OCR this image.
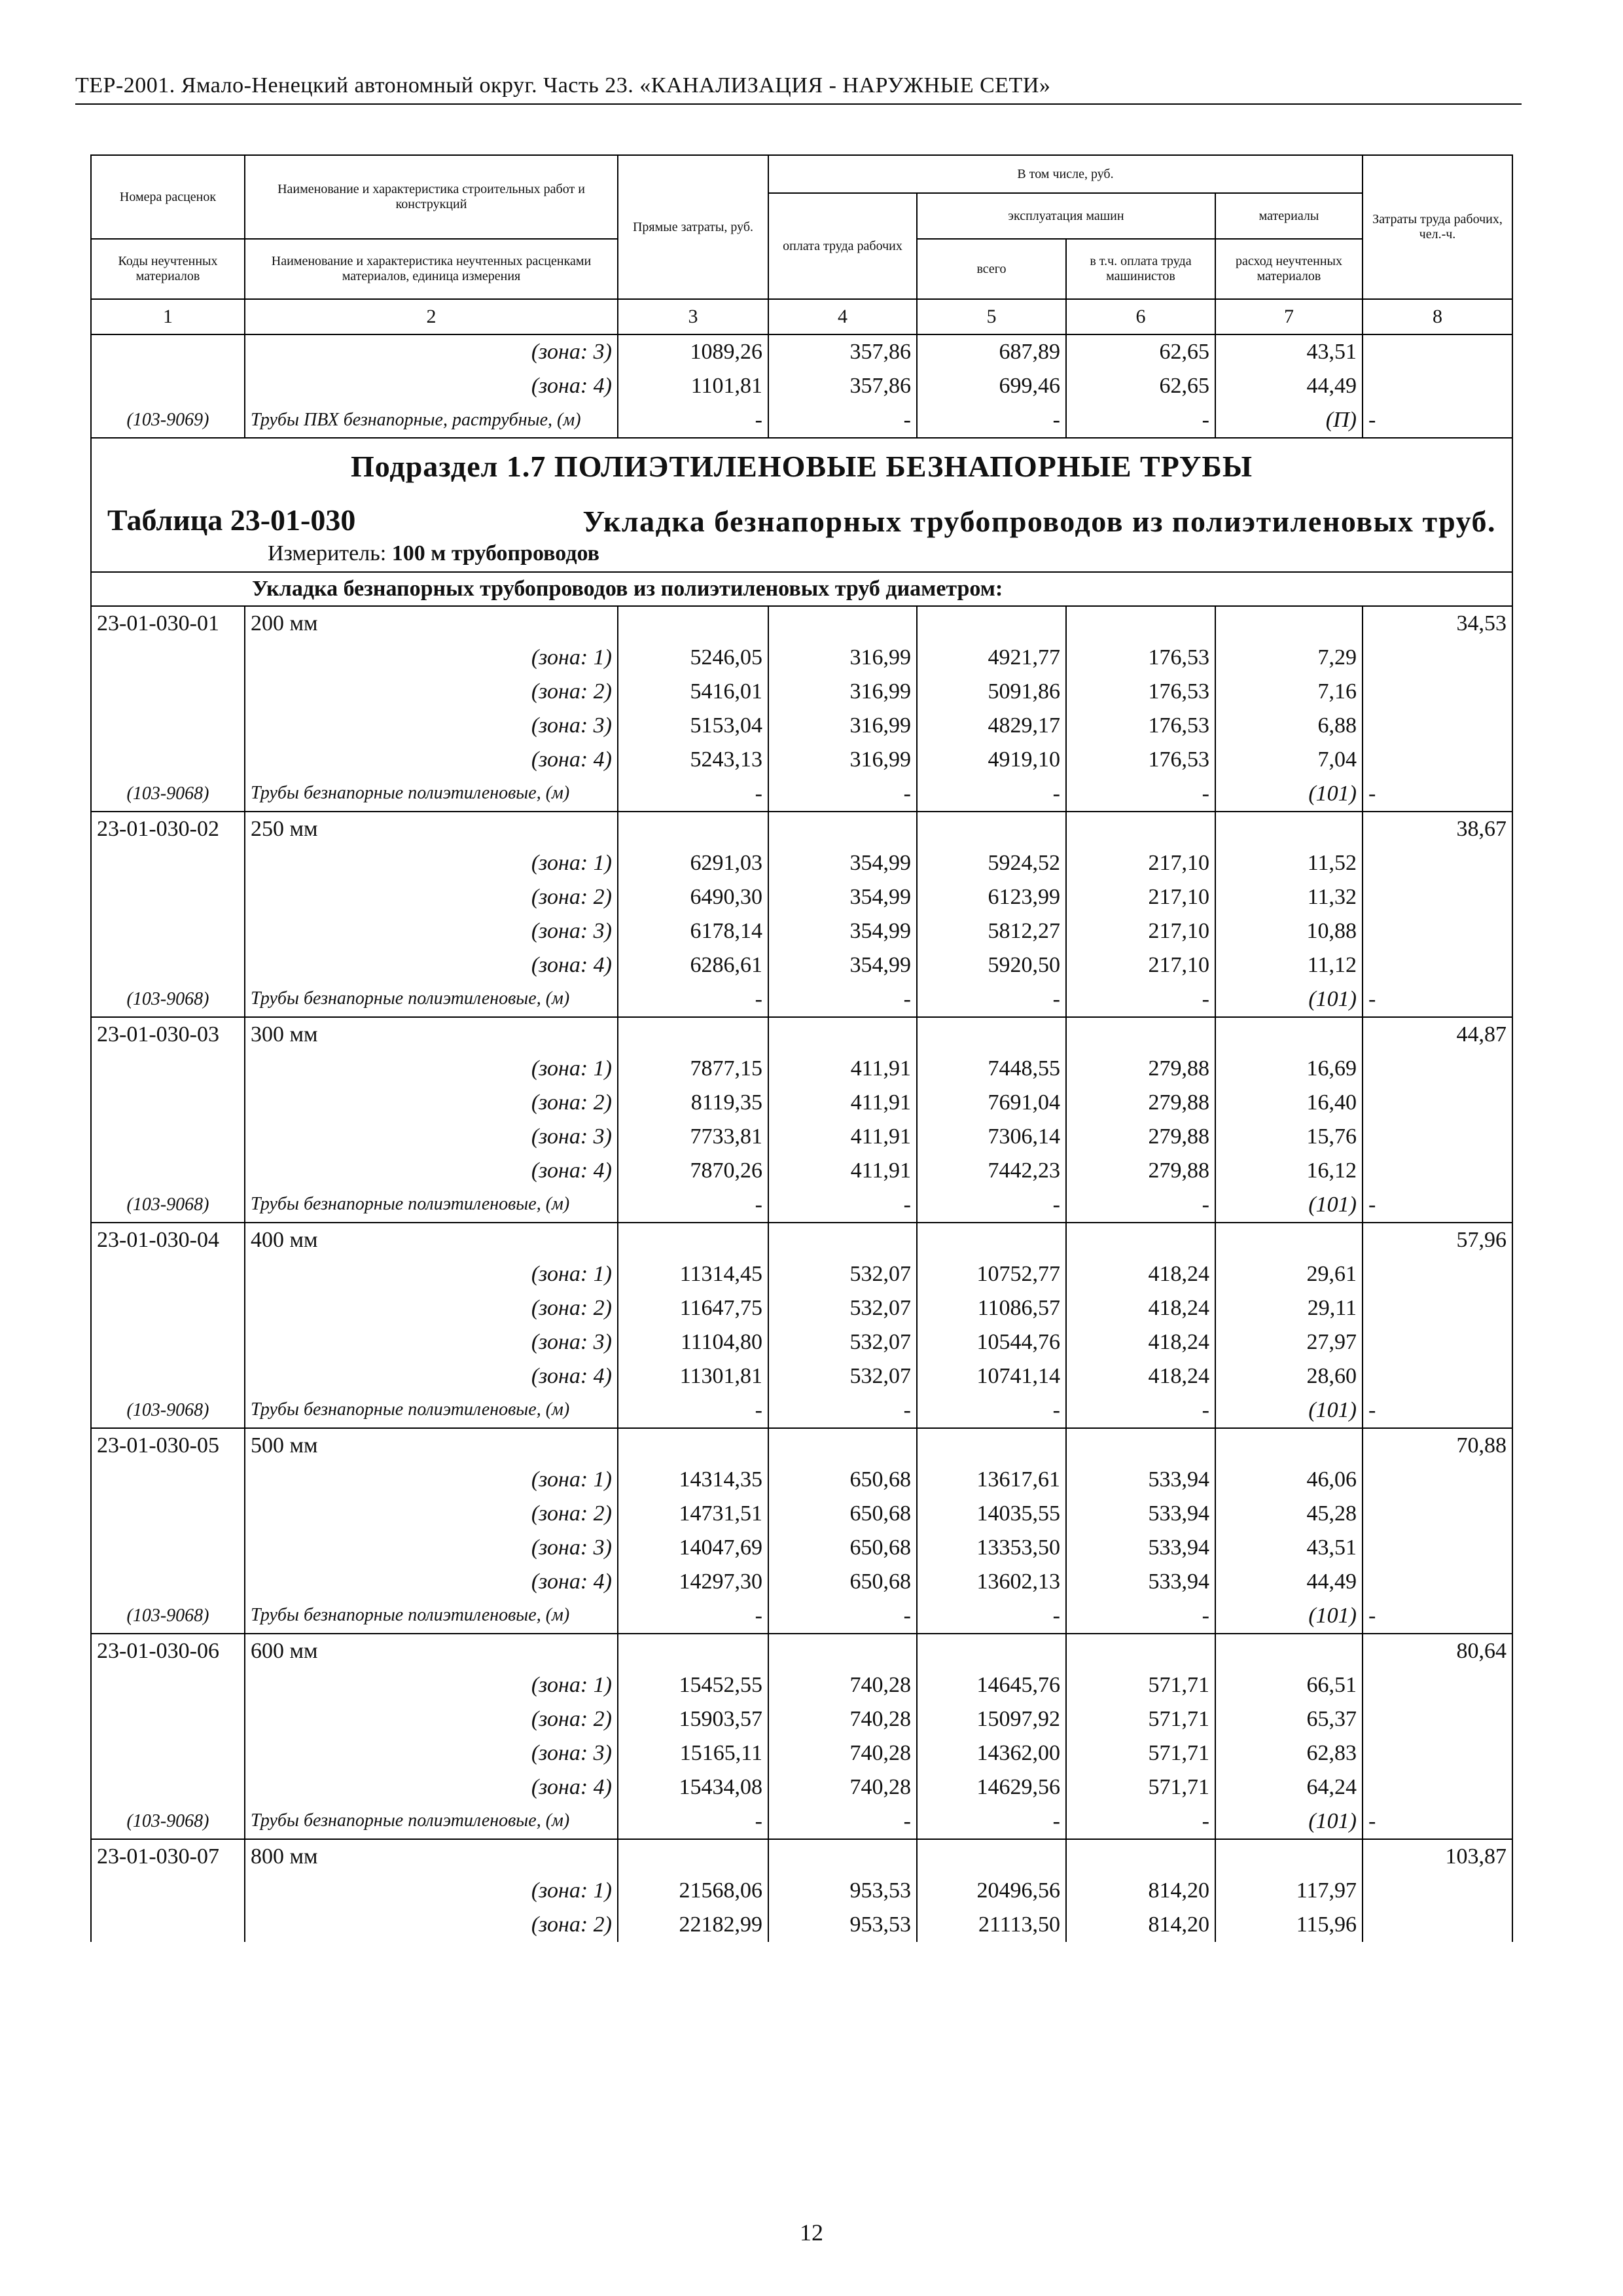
ТЕР-2001. Ямало-Ненецкий автономный округ. Часть 23. «КАНАЛИЗАЦИЯ - НАРУЖНЫЕ СЕТИ»
Номера расценок	Наименование и характеристика строительных работ и конструкций	Прямые затраты, руб.	В том числе, руб.				Затраты труда рабочих, чел.-ч.
			оплата труда рабочих	эксплуатация машин		материалы	
Коды неучтенных материалов	Наименование и характеристика неучтенных расценками материалов, единица измерения			всего	в т.ч. оплата труда машинистов	расход неучтенных материалов	
1	2	3	4	5	6	7	8
	(зона: 3)	1089,26	357,86	687,89	62,65	43,51	
	(зона: 4)	1101,81	357,86	699,46	62,65	44,49	
(103-9069)	Трубы ПВХ безнапорные, раструбные, (м)	-	-	-	-	(П)	-

Подраздел 1.7 ПОЛИЭТИЛЕНОВЫЕ БЕЗНАПОРНЫЕ ТРУБЫ
Таблица 23-01-030 Укладка безнапорных трубопроводов из полиэтиленовых труб.
Измеритель: 100 м трубопроводов							

Укладка безнапорных трубопроводов из полиэтиленовых труб диаметром:							
23-01-030-01	200 мм						34,53
	(зона: 1)	5246,05	316,99	4921,77	176,53	7,29	
	(зона: 2)	5416,01	316,99	5091,86	176,53	7,16	
	(зона: 3)	5153,04	316,99	4829,17	176,53	6,88	
	(зона: 4)	5243,13	316,99	4919,10	176,53	7,04	
(103-9068)	Трубы безнапорные полиэтиленовые, (м)	-	-	-	-	(101)	-
23-01-030-02	250 мм						38,67
	(зона: 1)	6291,03	354,99	5924,52	217,10	11,52	
	(зона: 2)	6490,30	354,99	6123,99	217,10	11,32	
	(зона: 3)	6178,14	354,99	5812,27	217,10	10,88	
	(зона: 4)	6286,61	354,99	5920,50	217,10	11,12	
(103-9068)	Трубы безнапорные полиэтиленовые, (м)	-	-	-	-	(101)	-
23-01-030-03	300 мм						44,87
	(зона: 1)	7877,15	411,91	7448,55	279,88	16,69	
	(зона: 2)	8119,35	411,91	7691,04	279,88	16,40	
	(зона: 3)	7733,81	411,91	7306,14	279,88	15,76	
	(зона: 4)	7870,26	411,91	7442,23	279,88	16,12	
(103-9068)	Трубы безнапорные полиэтиленовые, (м)	-	-	-	-	(101)	-
23-01-030-04	400 мм						57,96
	(зона: 1)	11314,45	532,07	10752,77	418,24	29,61	
	(зона: 2)	11647,75	532,07	11086,57	418,24	29,11	
	(зона: 3)	11104,80	532,07	10544,76	418,24	27,97	
	(зона: 4)	11301,81	532,07	10741,14	418,24	28,60	
(103-9068)	Трубы безнапорные полиэтиленовые, (м)	-	-	-	-	(101)	-
23-01-030-05	500 мм						70,88
	(зона: 1)	14314,35	650,68	13617,61	533,94	46,06	
	(зона: 2)	14731,51	650,68	14035,55	533,94	45,28	
	(зона: 3)	14047,69	650,68	13353,50	533,94	43,51	
	(зона: 4)	14297,30	650,68	13602,13	533,94	44,49	
(103-9068)	Трубы безнапорные полиэтиленовые, (м)	-	-	-	-	(101)	-
23-01-030-06	600 мм						80,64
	(зона: 1)	15452,55	740,28	14645,76	571,71	66,51	
	(зона: 2)	15903,57	740,28	15097,92	571,71	65,37	
	(зона: 3)	15165,11	740,28	14362,00	571,71	62,83	
	(зона: 4)	15434,08	740,28	14629,56	571,71	64,24	
(103-9068)	Трубы безнапорные полиэтиленовые, (м)	-	-	-	-	(101)	-
23-01-030-07	800 мм						103,87
	(зона: 1)	21568,06	953,53	20496,56	814,20	117,97	
	(зона: 2)	22182,99	953,53	21113,50	814,20	115,96	
12
